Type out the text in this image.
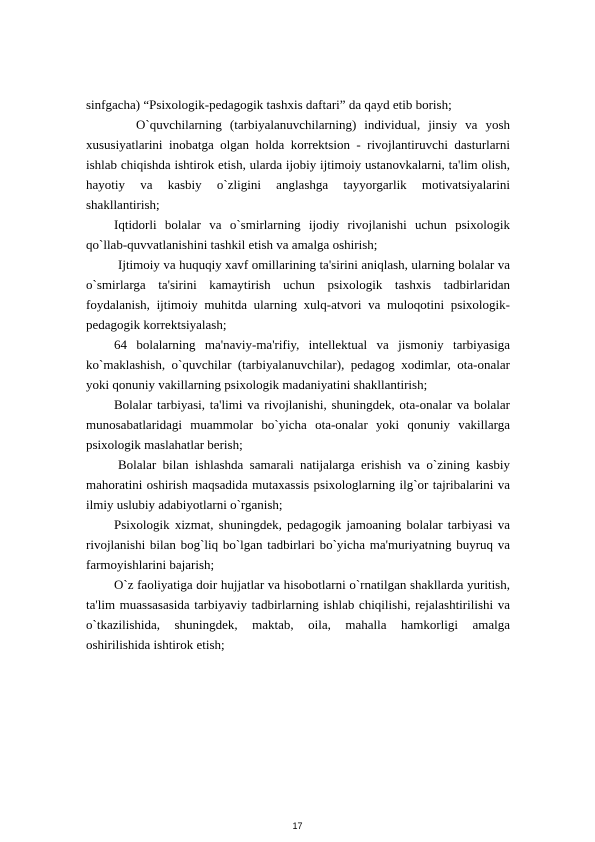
sinfgacha) “Psixologik-pedagogik tashxis daftari” da qayd etib borish;

O`quvchilarning (tarbiyalanuvchilarning) individual, jinsiy va yosh xususiyatlarini inobatga olgan holda korrektsion - rivojlantiruvchi dasturlarni ishlab chiqishda ishtirok etish, ularda ijobiy ijtimoiy ustanovkalarni, ta'lim olish, hayotiy va kasbiy o`zligini anglashga tayyorgarlik motivatsiyalarini shakllantirish;

Iqtidorli bolalar va o`smirlarning ijodiy rivojlanishi uchun psixologik qo`llab-quvvatlanishini tashkil etish va amalga oshirish;

Ijtimoiy va huquqiy xavf omillarining ta'sirini aniqlash, ularning bolalar va o`smirlarga ta'sirini kamaytirish uchun psixologik tashxis tadbirlaridan foydalanish, ijtimoiy muhitda ularning xulq-atvori va muloqotini psixologik-pedagogik korrektsiyalash;

64 bolalarning ma'naviy-ma'rifiy, intellektual va jismoniy tarbiyasiga ko`maklashish, o`quvchilar (tarbiyalanuvchilar), pedagog xodimlar, ota-onalar yoki qonuniy vakillarning psixologik madaniyatini shakllantirish;

Bolalar tarbiyasi, ta'limi va rivojlanishi, shuningdek, ota-onalar va bolalar munosabatlaridagi muammolar bo`yicha ota-onalar yoki qonuniy vakillarga psixologik maslahatlar berish;

Bolalar bilan ishlashda samarali natijalarga erishish va o`zining kasbiy mahoratini oshirish maqsadida mutaxassis psixologlarning ilg`or tajribalarini va ilmiy uslubiy adabiyotlarni o`rganish;

Psixologik xizmat, shuningdek, pedagogik jamoaning bolalar tarbiyasi va rivojlanishi bilan bog`liq bo`lgan tadbirlari bo`yicha ma'muriyatning buyruq va farmoyishlarini bajarish;

O`z faoliyatiga doir hujjatlar va hisobotlarni o`rnatilgan shakllarda yuritish, ta'lim muassasasida tarbiyaviy tadbirlarning ishlab chiqilishi, rejalashtirilishi va o`tkazilishida, shuningdek, maktab, oila, mahalla hamkorligi amalga oshirilishida ishtirok etish;

17
